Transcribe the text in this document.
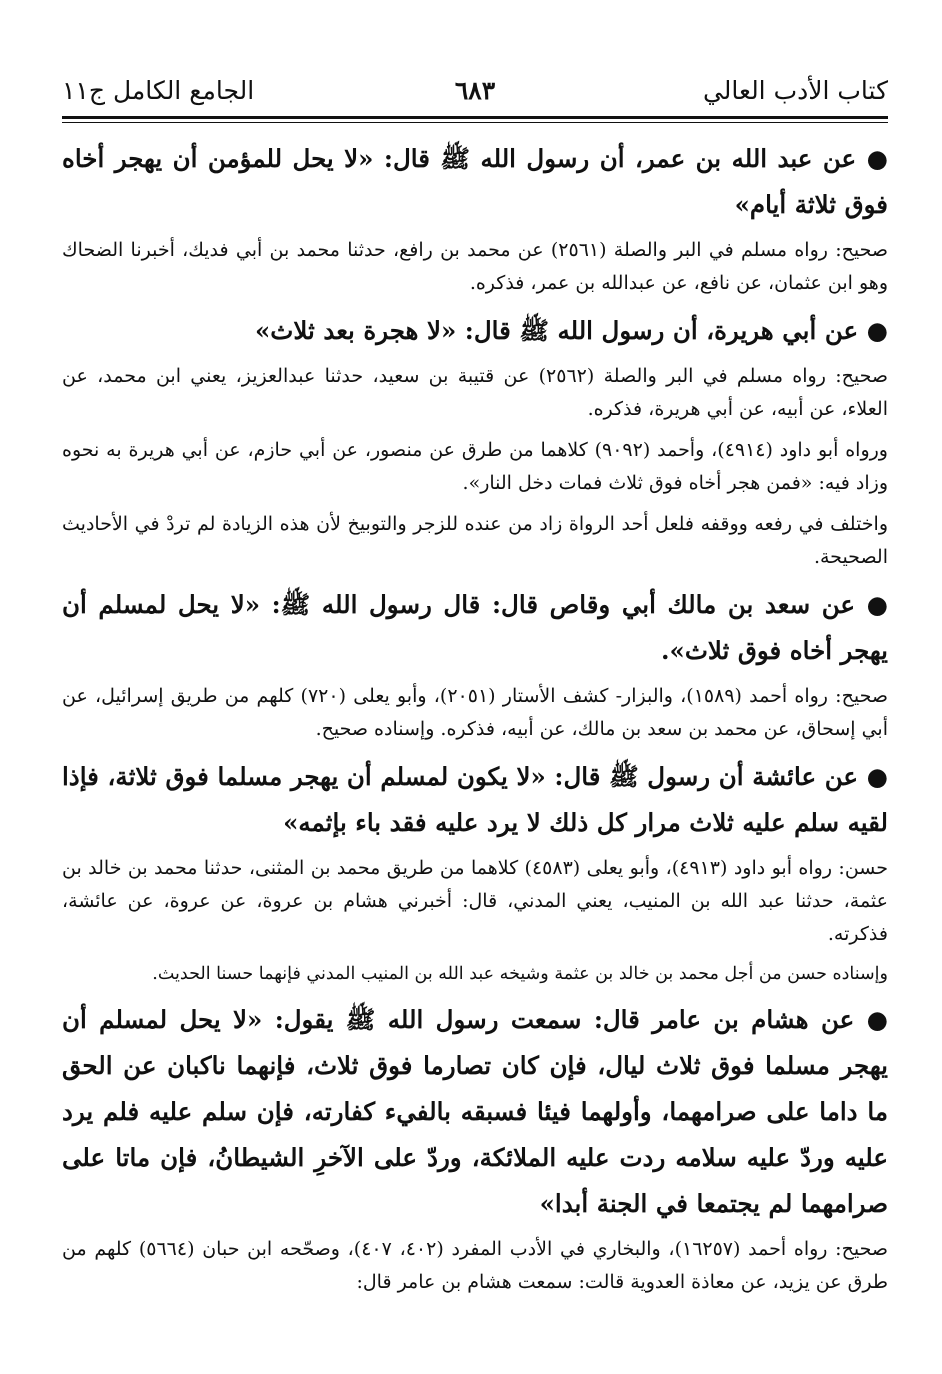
كتاب الأدب العالي
٦٨٣
الجامع الكامل ج١١

● عن عبد الله بن عمر، أن رسول الله ﷺ قال: «لا يحل للمؤمن أن يهجر أخاه فوق ثلاثة أيام»

صحيح: رواه مسلم في البر والصلة (٢٥٦١) عن محمد بن رافع، حدثنا محمد بن أبي فديك، أخبرنا الضحاك وهو ابن عثمان، عن نافع، عن عبدالله بن عمر، فذكره.

● عن أبي هريرة، أن رسول الله ﷺ قال: «لا هجرة بعد ثلاث»

صحيح: رواه مسلم في البر والصلة (٢٥٦٢) عن قتيبة بن سعيد، حدثنا عبدالعزيز، يعني ابن محمد، عن العلاء، عن أبيه، عن أبي هريرة، فذكره.

ورواه أبو داود (٤٩١٤)، وأحمد (٩٠٩٢) كلاهما من طرق عن منصور، عن أبي حازم، عن أبي هريرة به نحوه وزاد فيه: «فمن هجر أخاه فوق ثلاث فمات دخل النار».

واختلف في رفعه ووقفه فلعل أحد الرواة زاد من عنده للزجر والتوبيخ لأن هذه الزيادة لم تردْ في الأحاديث الصحيحة.

● عن سعد بن مالك أبي وقاص قال: قال رسول الله ﷺ: «لا يحل لمسلم أن يهجر أخاه فوق ثلاث».

صحيح: رواه أحمد (١٥٨٩)، والبزار- كشف الأستار (٢٠٥١)، وأبو يعلى (٧٢٠) كلهم من طريق إسرائيل، عن أبي إسحاق، عن محمد بن سعد بن مالك، عن أبيه، فذكره. وإسناده صحيح.

● عن عائشة أن رسول ﷺ قال: «لا يكون لمسلم أن يهجر مسلما فوق ثلاثة، فإذا لقيه سلم عليه ثلاث مرار كل ذلك لا يرد عليه فقد باء بإثمه»

حسن: رواه أبو داود (٤٩١٣)، وأبو يعلى (٤٥٨٣) كلاهما من طريق محمد بن المثنى، حدثنا محمد بن خالد بن عثمة، حدثنا عبد الله بن المنيب، يعني المدني، قال: أخبرني هشام بن عروة، عن عروة، عن عائشة، فذكرته.

وإسناده حسن من أجل محمد بن خالد بن عثمة وشيخه عبد الله بن المنيب المدني فإنهما حسنا الحديث.

● عن هشام بن عامر قال: سمعت رسول الله ﷺ يقول: «لا يحل لمسلم أن يهجر مسلما فوق ثلاث ليال، فإن كان تصارما فوق ثلاث، فإنهما ناكبان عن الحق ما داما على صرامهما، وأولهما فيئا فسبقه بالفيء كفارته، فإن سلم عليه فلم يرد عليه وردّ عليه سلامه ردت عليه الملائكة، وردّ على الآخرِ الشيطانُ، فإن ماتا على صرامهما لم يجتمعا في الجنة أبدا»

صحيح: رواه أحمد (١٦٢٥٧)، والبخاري في الأدب المفرد (٤٠٢، ٤٠٧)، وصحّحه ابن حبان (٥٦٦٤) كلهم من طرق عن يزيد، عن معاذة العدوية قالت: سمعت هشام بن عامر قال:
